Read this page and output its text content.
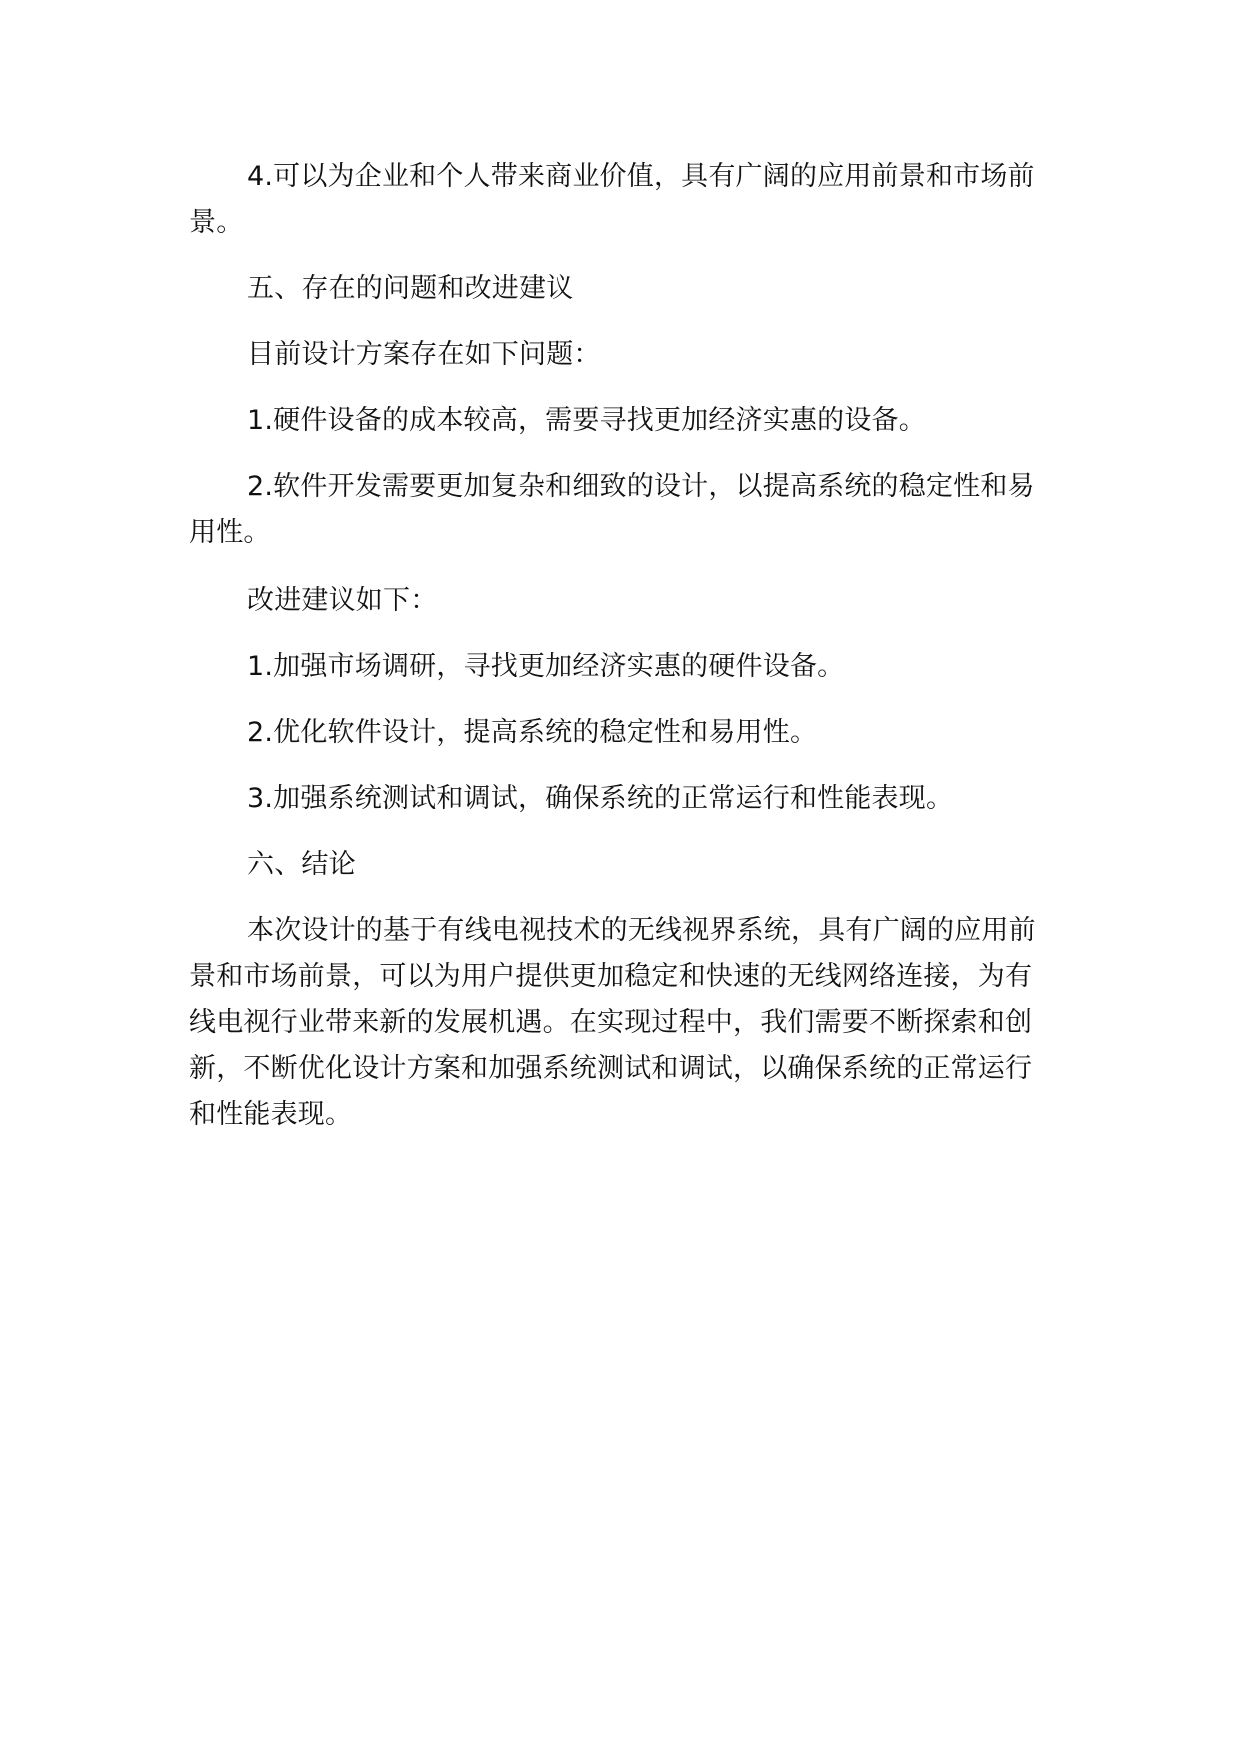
4.可以为企业和个人带来商业价值，具有广阔的应用前景和市场前景。

五、存在的问题和改进建议

目前设计方案存在如下问题：

1.硬件设备的成本较高，需要寻找更加经济实惠的设备。

2.软件开发需要更加复杂和细致的设计，以提高系统的稳定性和易用性。

改进建议如下：

1.加强市场调研，寻找更加经济实惠的硬件设备。

2.优化软件设计，提高系统的稳定性和易用性。

3.加强系统测试和调试，确保系统的正常运行和性能表现。

六、结论

本次设计的基于有线电视技术的无线视界系统，具有广阔的应用前景和市场前景，可以为用户提供更加稳定和快速的无线网络连接，为有线电视行业带来新的发展机遇。在实现过程中，我们需要不断探索和创新，不断优化设计方案和加强系统测试和调试，以确保系统的正常运行和性能表现。
